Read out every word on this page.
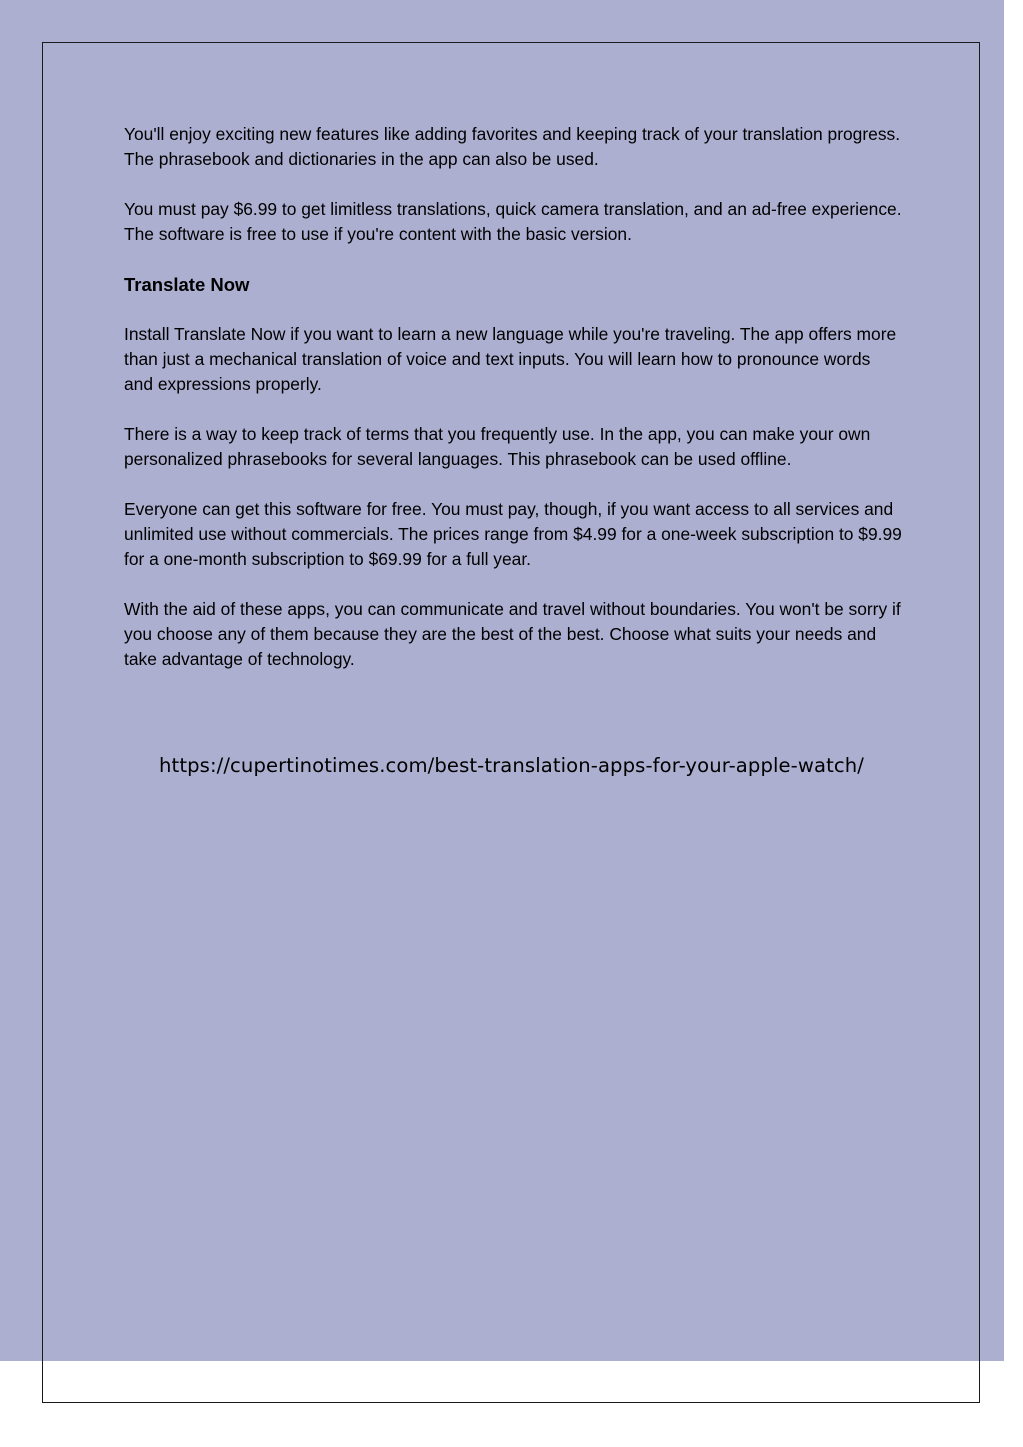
You'll enjoy exciting new features like adding favorites and keeping track of your translation progress. The phrasebook and dictionaries in the app can also be used.

You must pay $6.99 to get limitless translations, quick camera translation, and an ad-free experience. The software is free to use if you're content with the basic version.

Translate Now

Install Translate Now if you want to learn a new language while you're traveling. The app offers more than just a mechanical translation of voice and text inputs. You will learn how to pronounce words and expressions properly.

There is a way to keep track of terms that you frequently use. In the app, you can make your own personalized phrasebooks for several languages. This phrasebook can be used offline.

Everyone can get this software for free. You must pay, though, if you want access to all services and unlimited use without commercials. The prices range from $4.99 for a one-week subscription to $9.99 for a one-month subscription to $69.99 for a full year.

With the aid of these apps, you can communicate and travel without boundaries. You won't be sorry if you choose any of them because they are the best of the best. Choose what suits your needs and take advantage of technology.

https://cupertinotimes.com/best-translation-apps-for-your-apple-watch/
